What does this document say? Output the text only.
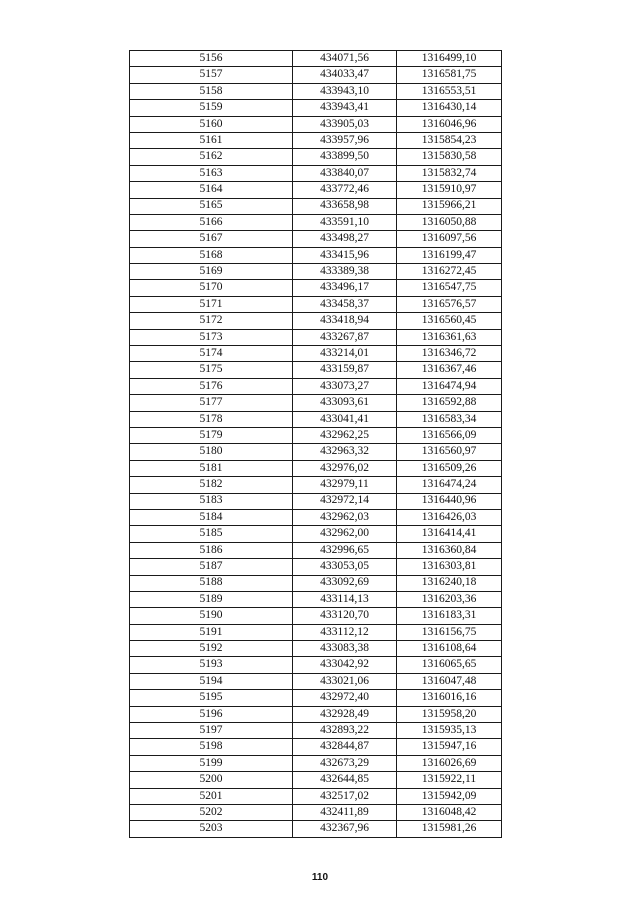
5156	434071,56	1316499,10
5157	434033,47	1316581,75
5158	433943,10	1316553,51
5159	433943,41	1316430,14
5160	433905,03	1316046,96
5161	433957,96	1315854,23
5162	433899,50	1315830,58
5163	433840,07	1315832,74
5164	433772,46	1315910,97
5165	433658,98	1315966,21
5166	433591,10	1316050,88
5167	433498,27	1316097,56
5168	433415,96	1316199,47
5169	433389,38	1316272,45
5170	433496,17	1316547,75
5171	433458,37	1316576,57
5172	433418,94	1316560,45
5173	433267,87	1316361,63
5174	433214,01	1316346,72
5175	433159,87	1316367,46
5176	433073,27	1316474,94
5177	433093,61	1316592,88
5178	433041,41	1316583,34
5179	432962,25	1316566,09
5180	432963,32	1316560,97
5181	432976,02	1316509,26
5182	432979,11	1316474,24
5183	432972,14	1316440,96
5184	432962,03	1316426,03
5185	432962,00	1316414,41
5186	432996,65	1316360,84
5187	433053,05	1316303,81
5188	433092,69	1316240,18
5189	433114,13	1316203,36
5190	433120,70	1316183,31
5191	433112,12	1316156,75
5192	433083,38	1316108,64
5193	433042,92	1316065,65
5194	433021,06	1316047,48
5195	432972,40	1316016,16
5196	432928,49	1315958,20
5197	432893,22	1315935,13
5198	432844,87	1315947,16
5199	432673,29	1316026,69
5200	432644,85	1315922,11
5201	432517,02	1315942,09
5202	432411,89	1316048,42
5203	432367,96	1315981,26
110
